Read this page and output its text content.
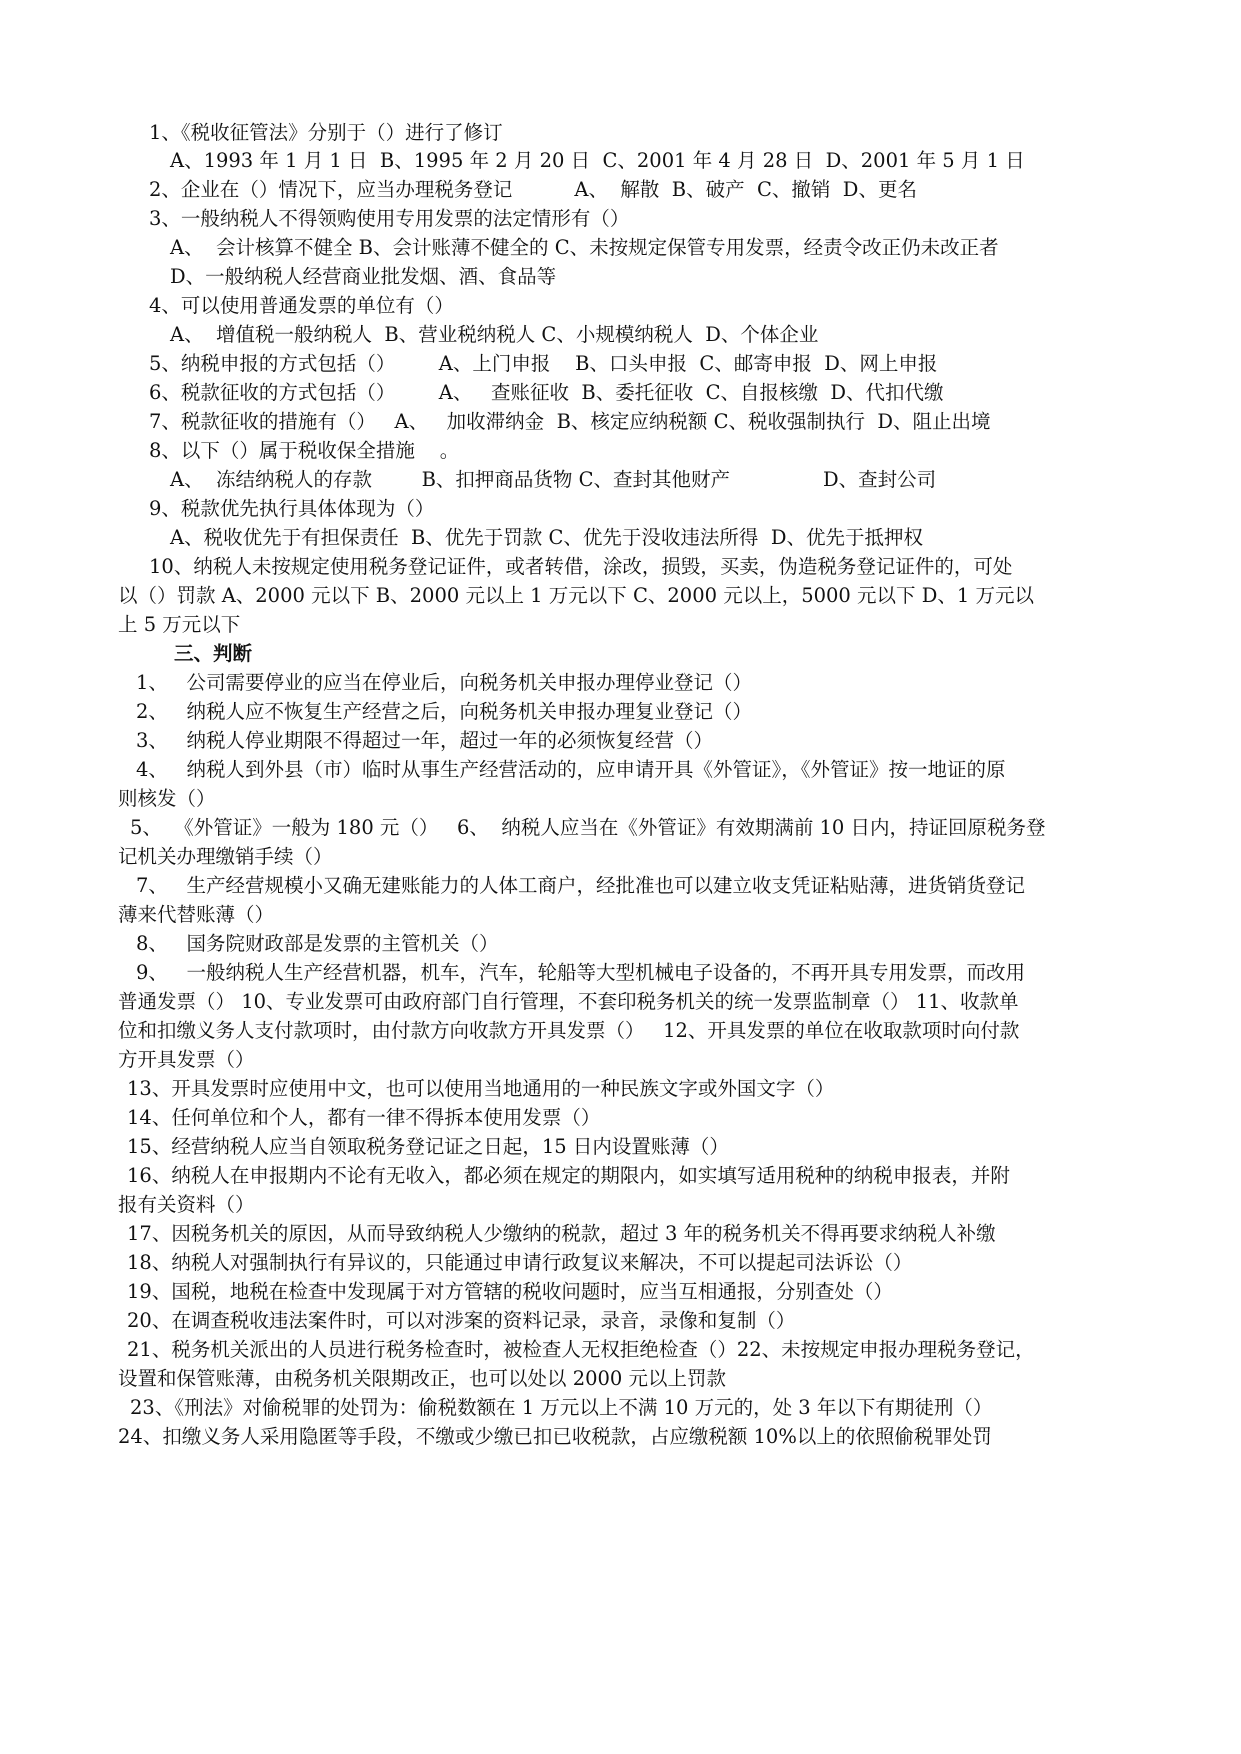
1、《税收征管法》分别于（）进行了修订
A、1993 年 1 月 1 日  B、1995 年 2 月 20 日  C、2001 年 4 月 28 日  D、2001 年 5 月 1 日
2、企业在（）情况下，应当办理税务登记          A、  解散  B、破产  C、撤销  D、更名
3、一般纳税人不得领购使用专用发票的法定情形有（）
A、  会计核算不健全 B、会计账薄不健全的 C、未按规定保管专用发票，经责令改正仍未改正者
D、一般纳税人经营商业批发烟、酒、食品等
4、可以使用普通发票的单位有（）
A、  增值税一般纳税人  B、营业税纳税人 C、小规模纳税人  D、个体企业
5、纳税申报的方式包括（）       A、上门申报    B、口头申报  C、邮寄申报  D、网上申报
6、税款征收的方式包括（）       A、   查账征收  B、委托征收  C、自报核缴  D、代扣代缴
7、税款征收的措施有（）   A、   加收滞纳金  B、核定应纳税额 C、税收强制执行  D、阻止出境
8、以下（）属于税收保全措施    。
A、  冻结纳税人的存款        B、扣押商品货物 C、查封其他财产               D、查封公司
9、税款优先执行具体体现为（）
A、税收优先于有担保责任  B、优先于罚款 C、优先于没收违法所得  D、优先于抵押权
10、纳税人未按规定使用税务登记证件，或者转借，涂改，损毁，买卖，伪造税务登记证件的，可处
以（）罚款 A、2000 元以下 B、2000 元以上 1 万元以下 C、2000 元以上，5000 元以下 D、1 万元以
上 5 万元以下
三、判断
1、   公司需要停业的应当在停业后，向税务机关申报办理停业登记（）
2、   纳税人应不恢复生产经营之后，向税务机关申报办理复业登记（）
3、   纳税人停业期限不得超过一年，超过一年的必须恢复经营（）
4、   纳税人到外县（市）临时从事生产经营活动的，应申请开具《外管证》，《外管证》按一地证的原
则核发（）
5、  《外管证》一般为 180 元（）   6、  纳税人应当在《外管证》有效期满前 10 日内，持证回原税务登
记机关办理缴销手续（）
7、   生产经营规模小又确无建账能力的人体工商户，经批准也可以建立收支凭证粘贴薄，进货销货登记
薄来代替账薄（）
8、   国务院财政部是发票的主管机关（）
9、   一般纳税人生产经营机器，机车，汽车，轮船等大型机械电子设备的，不再开具专用发票，而改用
普通发票（） 10、专业发票可由政府部门自行管理，不套印税务机关的统一发票监制章（） 11、收款单
位和扣缴义务人支付款项时，由付款方向收款方开具发票（）   12、开具发票的单位在收取款项时向付款
方开具发票（）
13、开具发票时应使用中文，也可以使用当地通用的一种民族文字或外国文字（）
14、任何单位和个人，都有一律不得拆本使用发票（）
15、经营纳税人应当自领取税务登记证之日起，15 日内设置账薄（）
16、纳税人在申报期内不论有无收入，都必须在规定的期限内，如实填写适用税种的纳税申报表，并附
报有关资料（）
17、因税务机关的原因，从而导致纳税人少缴纳的税款，超过 3 年的税务机关不得再要求纳税人补缴
18、纳税人对强制执行有异议的，只能通过申请行政复议来解决，不可以提起司法诉讼（）
19、国税，地税在检查中发现属于对方管辖的税收问题时，应当互相通报，分别查处（）
20、在调查税收违法案件时，可以对涉案的资料记录，录音，录像和复制（）
21、税务机关派出的人员进行税务检查时，被检查人无权拒绝检查（）22、未按规定申报办理税务登记，
设置和保管账薄，由税务机关限期改正，也可以处以 2000 元以上罚款
23、《刑法》对偷税罪的处罚为：偷税数额在 1 万元以上不满 10 万元的，处 3 年以下有期徒刑（）
24、扣缴义务人采用隐匿等手段，不缴或少缴已扣已收税款，占应缴税额 10%以上的依照偷税罪处罚
